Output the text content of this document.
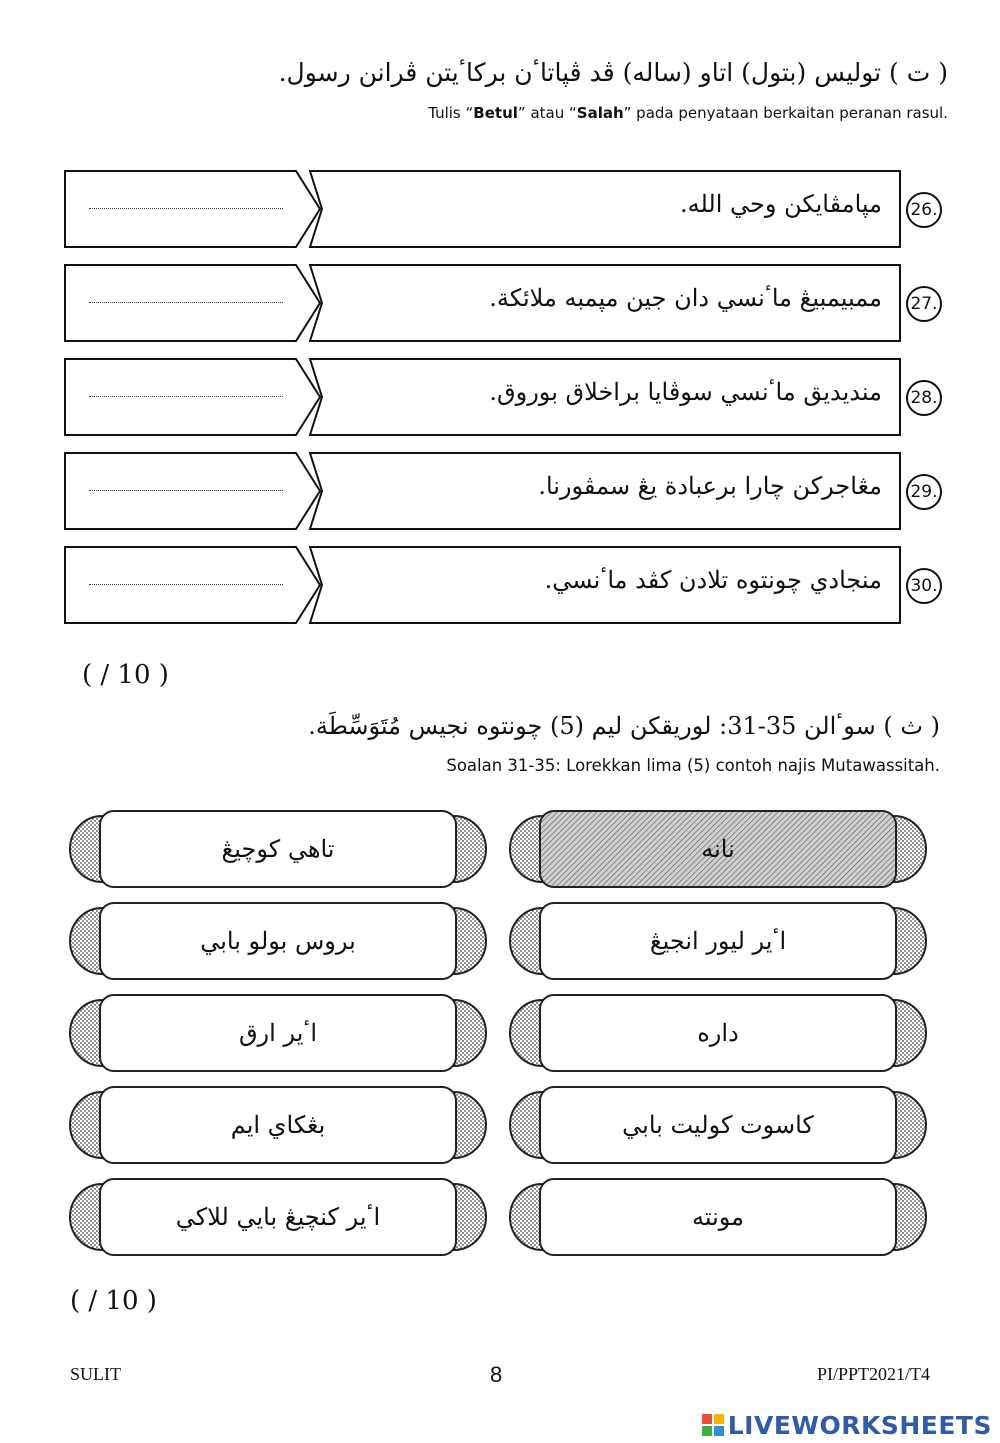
( ت ) توليس (بتول) اتاو (ساله) ڤد ڤپاتاٴن بركاٴيتن ڤرانن رسول.
Tulis “Betul” atau “Salah” pada penyataan berkaitan peranan rasul.
مپامڤايكن وحي الله. 26.
ممبيمبيڠ ماٴنسي دان جين مپمبه ملائكة. 27.
منديديق ماٴنسي سوڤايا براخلاق بوروق. 28.
مڠاجركن چارا برعبادة يڠ سمڤورنا. 29.
منجادي چونتوه تلادن كڤد ماٴنسي. 30.
( / 10 )
( ث ) سوٴالن 35-31: لوريقكن ليم (5) چونتوه نجيس مُتَوَسِّطَة.
Soalan 31-35: Lorekkan lima (5) contoh najis Mutawassitah.
تاهي كوچيڠ
بروس بولو بابي
اٴير ارق
بڠكاي ايم
اٴير كنچيڠ بايي للاكي
نانه
اٴير ليور انجيڠ
داره
كاسوت كوليت بابي
مونته
( / 10 )
SULIT	8	PI/PPT2021/T4
LIVEWORKSHEETS
